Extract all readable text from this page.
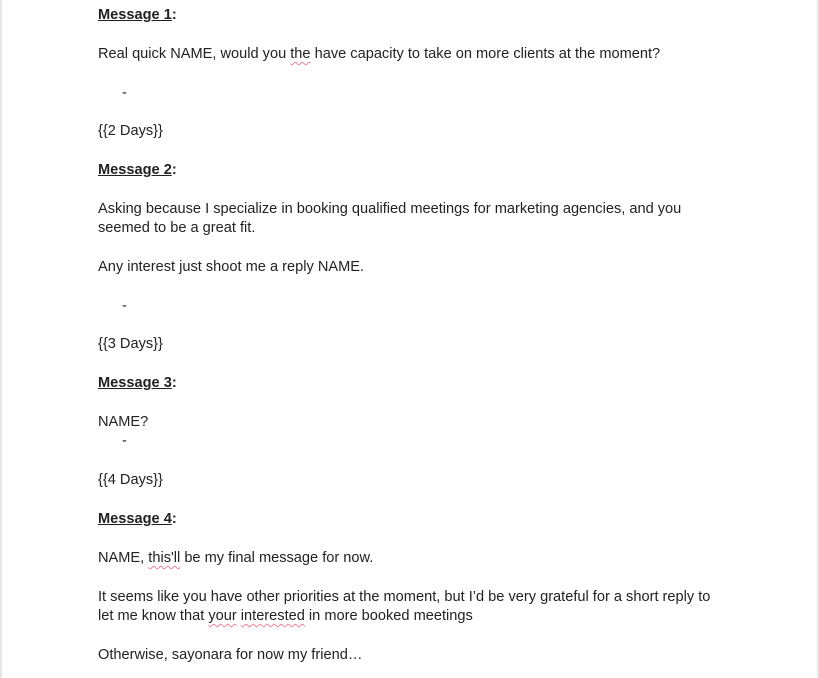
Message 1:
Real quick NAME, would you the have capacity to take on more clients at the moment?
-
{{2 Days}}
Message 2:
Asking because I specialize in booking qualified meetings for marketing agencies, and you seemed to be a great fit.
Any interest just shoot me a reply NAME.
-
{{3 Days}}
Message 3:
NAME?
-
{{4 Days}}
Message 4:
NAME, this'll be my final message for now.
It seems like you have other priorities at the moment, but I’d be very grateful for a short reply to let me know that your interested in more booked meetings
Otherwise, sayonara for now my friend…
